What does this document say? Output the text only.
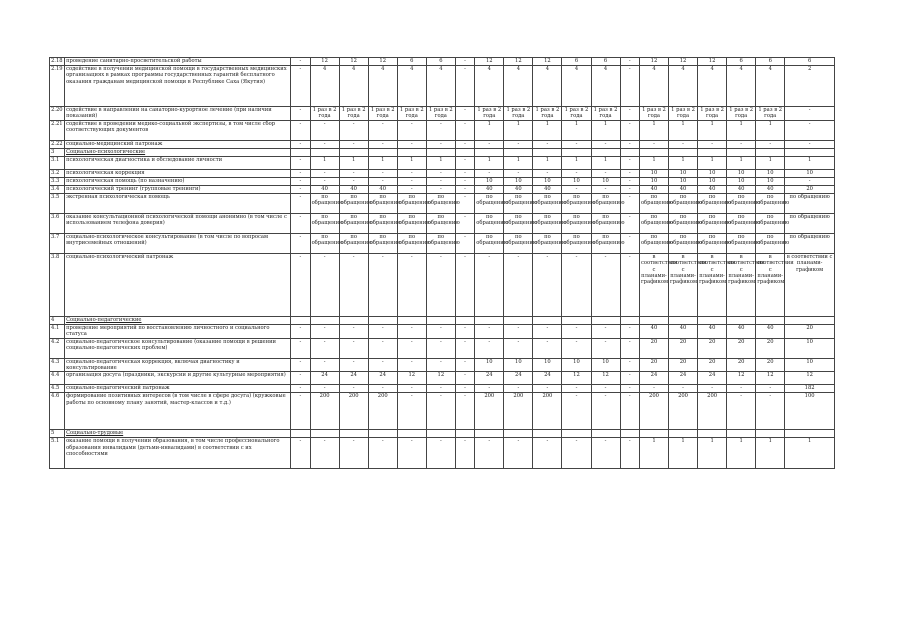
2.18	проведение санитарно-просветительской работы	-	12	12	12	6	6	-	12	12	12	6	6	-	12	12	12	6	6	6
2.19	содействие в получении медицинской помощи в государственных медицинских организациях в рамках программы государственных гарантий бесплатного оказания гражданам медицинской помощи в Республике Саха (Якутия)	-	4	4	4	4	4	-	4	4	4	4	4	-	4	4	4	4	4	2
2.20	содействие в направлении на санаторно-курортное лечение (при наличии показаний)	-	1 раз в 2 года	1 раз в 2 года	1 раз в 2 года	1 раз в 2 года	1 раз в 2 года	-	1 раз в 2 года	1 раз в 2 года	1 раз в 2 года	1 раз в 2 года	1 раз в 2 года	-	1 раз в 2 года	1 раз в 2 года	1 раз в 2 года	1 раз в 2 года	1 раз в 2 года	-
2.21	содействие в проведении медико-социальной экспертизы, в том числе сбор соответствующих документов	-	-	-	-	-	-	-	1	1	1	1	1	-	1	1	1	1	1	-
2.22	социально-медицинский патронаж	-	-	-	-	-	-	-	-	-	-	-	-	-	-	-	-	-	-	-
3	Социально-психологические																			
3.1	психологическая диагностика и обследование личности	-	1	1	1	1	1	-	1	1	1	1	1	-	1	1	1	1	1	1
3.2	психологическая коррекция	-	-	-	-	-	-	-	-	-	-	-	-	-	10	10	10	10	10	10
3.3	психологическая помощь (по назначению)	-	-	-	-	-	-	-	10	10	10	10	10	-	10	10	10	10	10	-
3.4	психологический тренинг (групповые тренинги)	-	40	40	40	-	-	-	40	40	40	-	-	-	40	40	40	40	40	20
3.5	экстренная психологическая помощь	-	по обращению	по обращению	по обращению	по обращению	по обращению	-	по обращению	по обращению	по обращению	по обращению	по обращению	-	по обращению	по обращению	по обращению	по обращению	по обращению	по обращению
3.6	оказание консультационной психологической помощи анонимно (в том числе с использованием телефона доверия)	-	по обращению	по обращению	по обращению	по обращению	по обращению	-	по обращению	по обращению	по обращению	по обращению	по обращению	-	по обращению	по обращению	по обращению	по обращению	по обращению	по обращению
3.7	социально-психологическое консультирование (в том числе по вопросам внутрисемейных отношений)	-	по обращению	по обращению	по обращению	по обращению	по обращению	-	по обращению	по обращению	по обращению	по обращению	по обращению	-	по обращению	по обращению	по обращению	по обращению	по обращению	по обращению
3.8	социально-психологический патронаж	-	-	-	-	-	-	-	-	-	-	-	-	-	в соответствии с планами-графиком	в соответствии с планами-графиком	в соответствии с планами-графиком	в соответствии с планами-графиком	в соответствии с планами-графиком	в соответствии с планами-графиком
4	Социально-педагогические																			
4.1	проведение мероприятий по восстановлению личностного и социального статуса	-	-	-	-	-	-	-	-	-	-	-	-	-	40	40	40	40	40	20
4.2	социально-педагогическое консультирование (оказание помощи в решении социально-педагогических проблем)	-	-	-	-	-	-	-	-	-	-	-	-	-	20	20	20	20	20	10
4.3	социально-педагогическая коррекция, включая диагностику и консультирование	-	-	-	-	-	-	-	10	10	10	10	10	-	20	20	20	20	20	10
4.4	организация досуга (праздники, экскурсии и другие культурные мероприятия)	-	24	24	24	12	12	-	24	24	24	12	12	-	24	24	24	12	12	12
4.5	социально-педагогический патронаж	-	-	-	-	-	-	-	-	-	-	-	-	-	-	-	-	-	-	182
4.6	формирование позитивных интересов (в том числе в сфере досуга) (кружковые работы по основному плану занятий, мастер-классов и т.д.)	-	200	200	200	-	-	-	200	200	200	-	-	-	200	200	200	-	-	100
5	Социально-трудовые																			
5.1	оказание помощи в получении образования, в том числе профессионального образования инвалидами (детьми-инвалидами) в соответствии с их способностями	-	-	-	-	-	-	-	-	-	-	-	-	-	1	1	1	1	1	1
